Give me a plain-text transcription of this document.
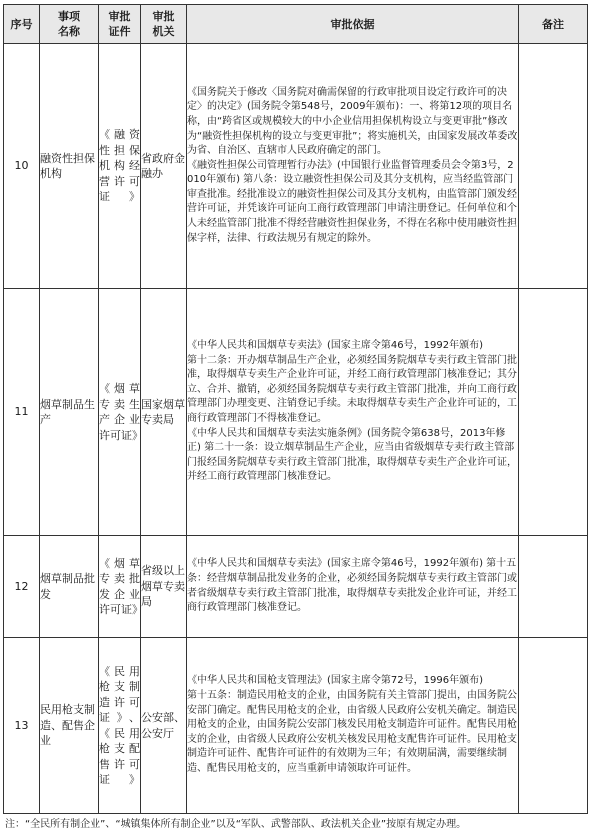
序号	事项名称	审批证件	审批机关	审批依据	备注
10	融资性担保机构	《融资性担保机构经营许可证》	省政府金融办	《国务院关于修改〈国务院对确需保留的行政审批项目设定行政许可的决定〉的决定》(国务院令第548号，2009年颁布)：一、将第12项的项目名称，由“跨省区或规模较大的中小企业信用担保机构设立与变更审批”修改为“融资性担保机构的设立与变更审批”；将实施机关，由国家发展改革委改为省、自治区、直辖市人民政府确定的部门。

《融资性担保公司管理暂行办法》(中国银行业监督管理委员会令第3号，2010年颁布) 第八条：设立融资性担保公司及其分支机构，应当经监管部门审查批准。经批准设立的融资性担保公司及其分支机构，由监管部门颁发经营许可证，并凭该许可证向工商行政管理部门申请注册登记。任何单位和个人未经监管部门批准不得经营融资性担保业务，不得在名称中使用融资性担保字样，法律、行政法规另有规定的除外。	

11	烟草制品生产	《烟草专卖生产企业许可证》	国家烟草专卖局	《中华人民共和国烟草专卖法》(国家主席令第46号，1992年颁布)

第十二条：开办烟草制品生产企业，必须经国务院烟草专卖行政主管部门批准，取得烟草专卖生产企业许可证，并经工商行政管理部门核准登记；其分立、合并、撤销，必须经国务院烟草专卖行政主管部门批准，并向工商行政管理部门办理变更、注销登记手续。未取得烟草专卖生产企业许可证的，工商行政管理部门不得核准登记。

《中华人民共和国烟草专卖法实施条例》(国务院令第638号，2013年修正) 第二十一条：设立烟草制品生产企业，应当由省级烟草专卖行政主管部门报经国务院烟草专卖行政主管部门批准，取得烟草专卖生产企业许可证，并经工商行政管理部门核准登记。	

12	烟草制品批发	《烟草专卖批发企业许可证》	省级以上烟草专卖局	《中华人民共和国烟草专卖法》(国家主席令第46号，1992年颁布) 第十五条：经营烟草制品批发业务的企业，必须经国务院烟草专卖行政主管部门或者省级烟草专卖行政主管部门批准，取得烟草专卖批发企业许可证，并经工商行政管理部门核准登记。	

13	民用枪支制造、配售企业	《民用枪支制造许可证》、《民用枪支配售许可证》	公安部、公安厅	《中华人民共和国枪支管理法》(国家主席令第72号，1996年颁布)

第十五条：制造民用枪支的企业，由国务院有关主管部门提出，由国务院公安部门确定。配售民用枪支的企业，由省级人民政府公安机关确定。制造民用枪支的企业，由国务院公安部门核发民用枪支制造许可证件。配售民用枪支的企业，由省级人民政府公安机关核发民用枪支配售许可证件。民用枪支制造许可证件、配售许可证件的有效期为三年；有效期届满，需要继续制造、配售民用枪支的，应当重新申请领取许可证件。	

注：“全民所有制企业”、“城镇集体所有制企业”以及“军队、武警部队、政法机关企业”按原有规定办理。
